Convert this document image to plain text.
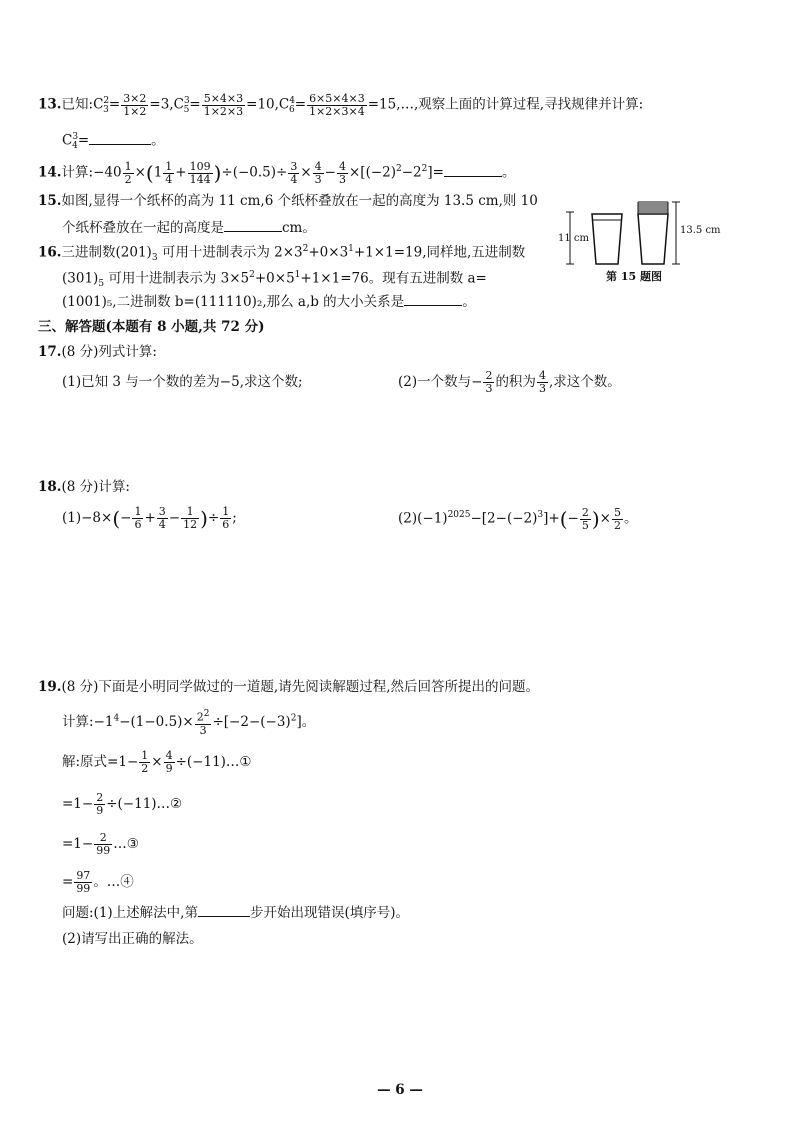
13.已知$:C^2_3= \frac{3\times 2}{1\times 2} =3,C^3_5= \frac{5\times 4\times 3}{1\times 2\times 3} =10,C^4_6= \frac{6\times 5\times 4\times 3}{1\times 2\times 3\times 4}$ =15,…,观察上面的计算过程,寻找规律并计算:
$C^3_4=$	。
14.计算:−40 $\frac{1}{2} \times(1 \frac{1}{4} + \frac{109}{144} )\div(-0.5)\div \frac{3}{4} \times \frac{4}{3} - \frac{4}{3} \times[(-2)^2-2^2]=$	。
15.如图,显得一个纸杯的高为 11 cm,6 个纸杯叠放在一起的高度为 13.5 cm,则 10
个纸杯叠放在一起的高度是	cm。
11 cm
13.5 cm
第 15 题图
16.三进制数$(201)_3$ 可用十进制表示为 $2\times 3^2+0\times 3^1+1\times 1=19$,同样地,五进制数
$(301)_5$ 可用十进制表示为 $3\times 5^2+0\times 5^1+1\times 1=76$。现有五进制数 a=
(1001)₅,二进制数 b=(111110)₂,那么 a,b 的大小关系是	。
三、解答题(本题有 8 小题,共 72 分)
17.(8 分)列式计算:
(1)已知 3 与一个数的差为−5,求这个数;	(2)一个数与− $\frac{2}{3}$ 的积为 $\frac{4}{3}$ ,求这个数。
18.(8 分)计算:
$(1)-8\times(- \frac{1}{6} + \frac{3}{4} - \frac{1}{12}$ )÷ $\frac{1}{6}$ ;	$(2)(-1)^{2025}-[2-(-2)^3]+(- \frac{2}{5}$ )× $\frac{5}{2}$ 。
19.(8 分)下面是小明同学做过的一道题,请先阅读解题过程,然后回答所提出的问题。
计算$:-1^4-(1-0.5)\times \frac{2^2}{3} \div[-2-(-3)^2]$。
解:原式$=1- \frac{1}{2} \times \frac{4}{9}$ ÷(−11)…①
$=1- \frac{2}{9}$ ÷(−11)…②
$=1- \frac{2}{99}$ …③
= $\frac{97}{99}$ 。…④
问题:(1)上述解法中,第	步开始出现错误(填序号)。
(2)请写出正确的解法。
— 6 —
